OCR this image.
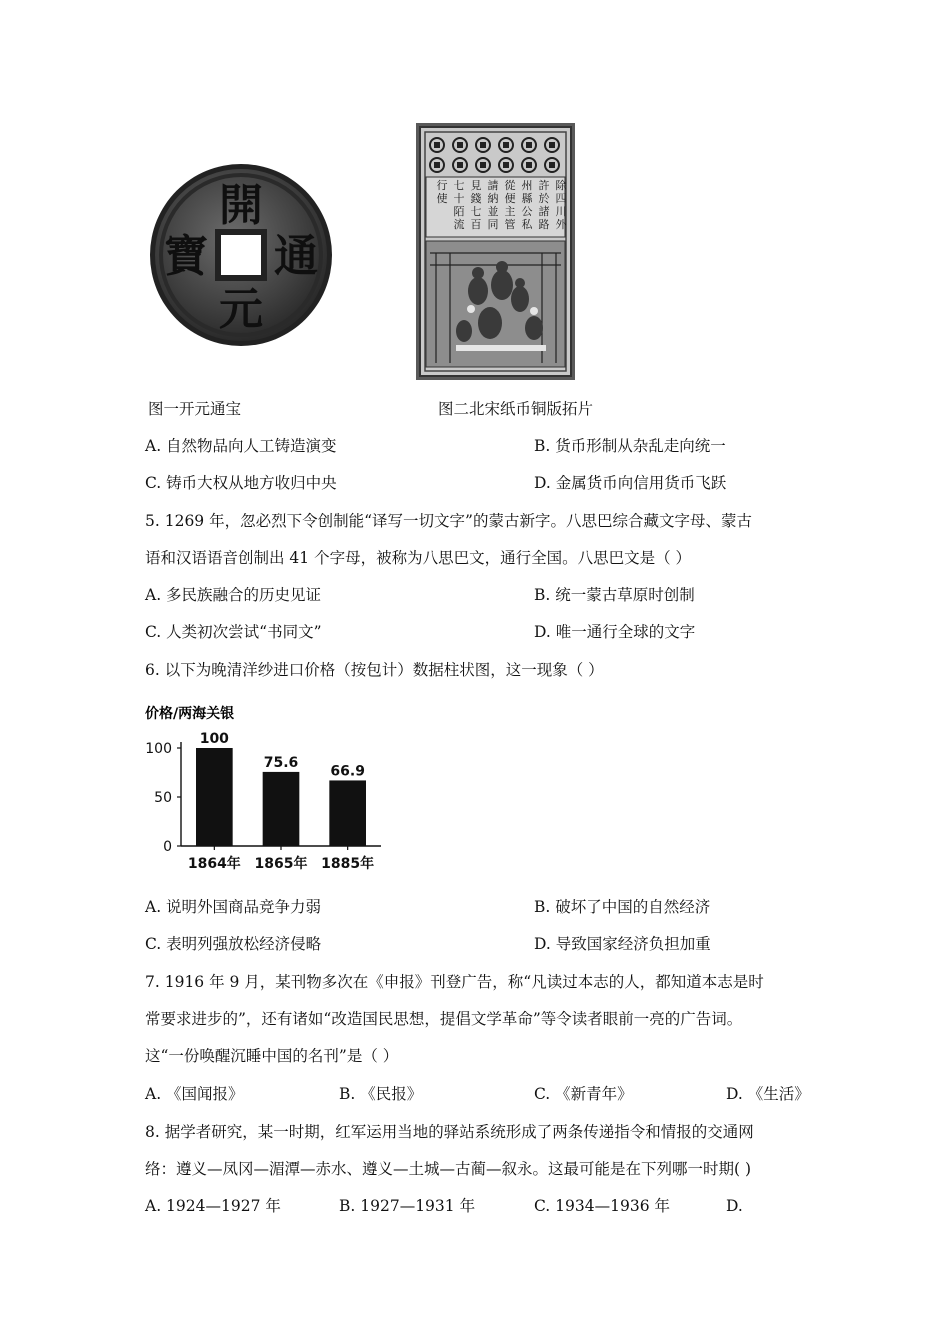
開
通
元
寶
除四川外
許於諸路
州縣公私
從便主管
請納並同
見錢七百
七十陌流
行使
图一开元通宝	图二北宋纸币铜版拓片
A. 自然物品向人工铸造演变	B. 货币形制从杂乱走向统一
C. 铸币大权从地方收归中央	D. 金属货币向信用货币飞跃
5. 1269 年，忽必烈下令创制能“译写一切文字”的蒙古新字。八思巴综合藏文字母、蒙古
语和汉语语音创制出 41 个字母，被称为八思巴文，通行全国。八思巴文是（ ）
A. 多民族融合的历史见证	B. 统一蒙古草原时创制
C. 人类初次尝试“书同文”	D. 唯一通行全球的文字
6. 以下为晚清洋纱进口价格（按包计）数据柱状图，这一现象（ ）
价格/两海关银
0
50
100
100
1864年
75.6
1865年
66.9
1885年
A. 说明外国商品竞争力弱	B. 破坏了中国的自然经济
C. 表明列强放松经济侵略	D. 导致国家经济负担加重
7. 1916 年 9 月，某刊物多次在《申报》刊登广告，称“凡读过本志的人，都知道本志是时
常要求进步的”，还有诸如“改造国民思想，提倡文学革命”等令读者眼前一亮的广告词。
这“一份唤醒沉睡中国的名刊”是（ ）
A. 《国闻报》	B. 《民报》	C. 《新青年》	D. 《生活》
8. 据学者研究，某一时期，红军运用当地的驿站系统形成了两条传递指令和情报的交通网
络：遵义—凤冈—湄潭—赤水、遵义—土城—古蔺—叙永。这最可能是在下列哪一时期( )
A. 1924—1927 年	B. 1927—1931 年	C. 1934—1936 年	D.
